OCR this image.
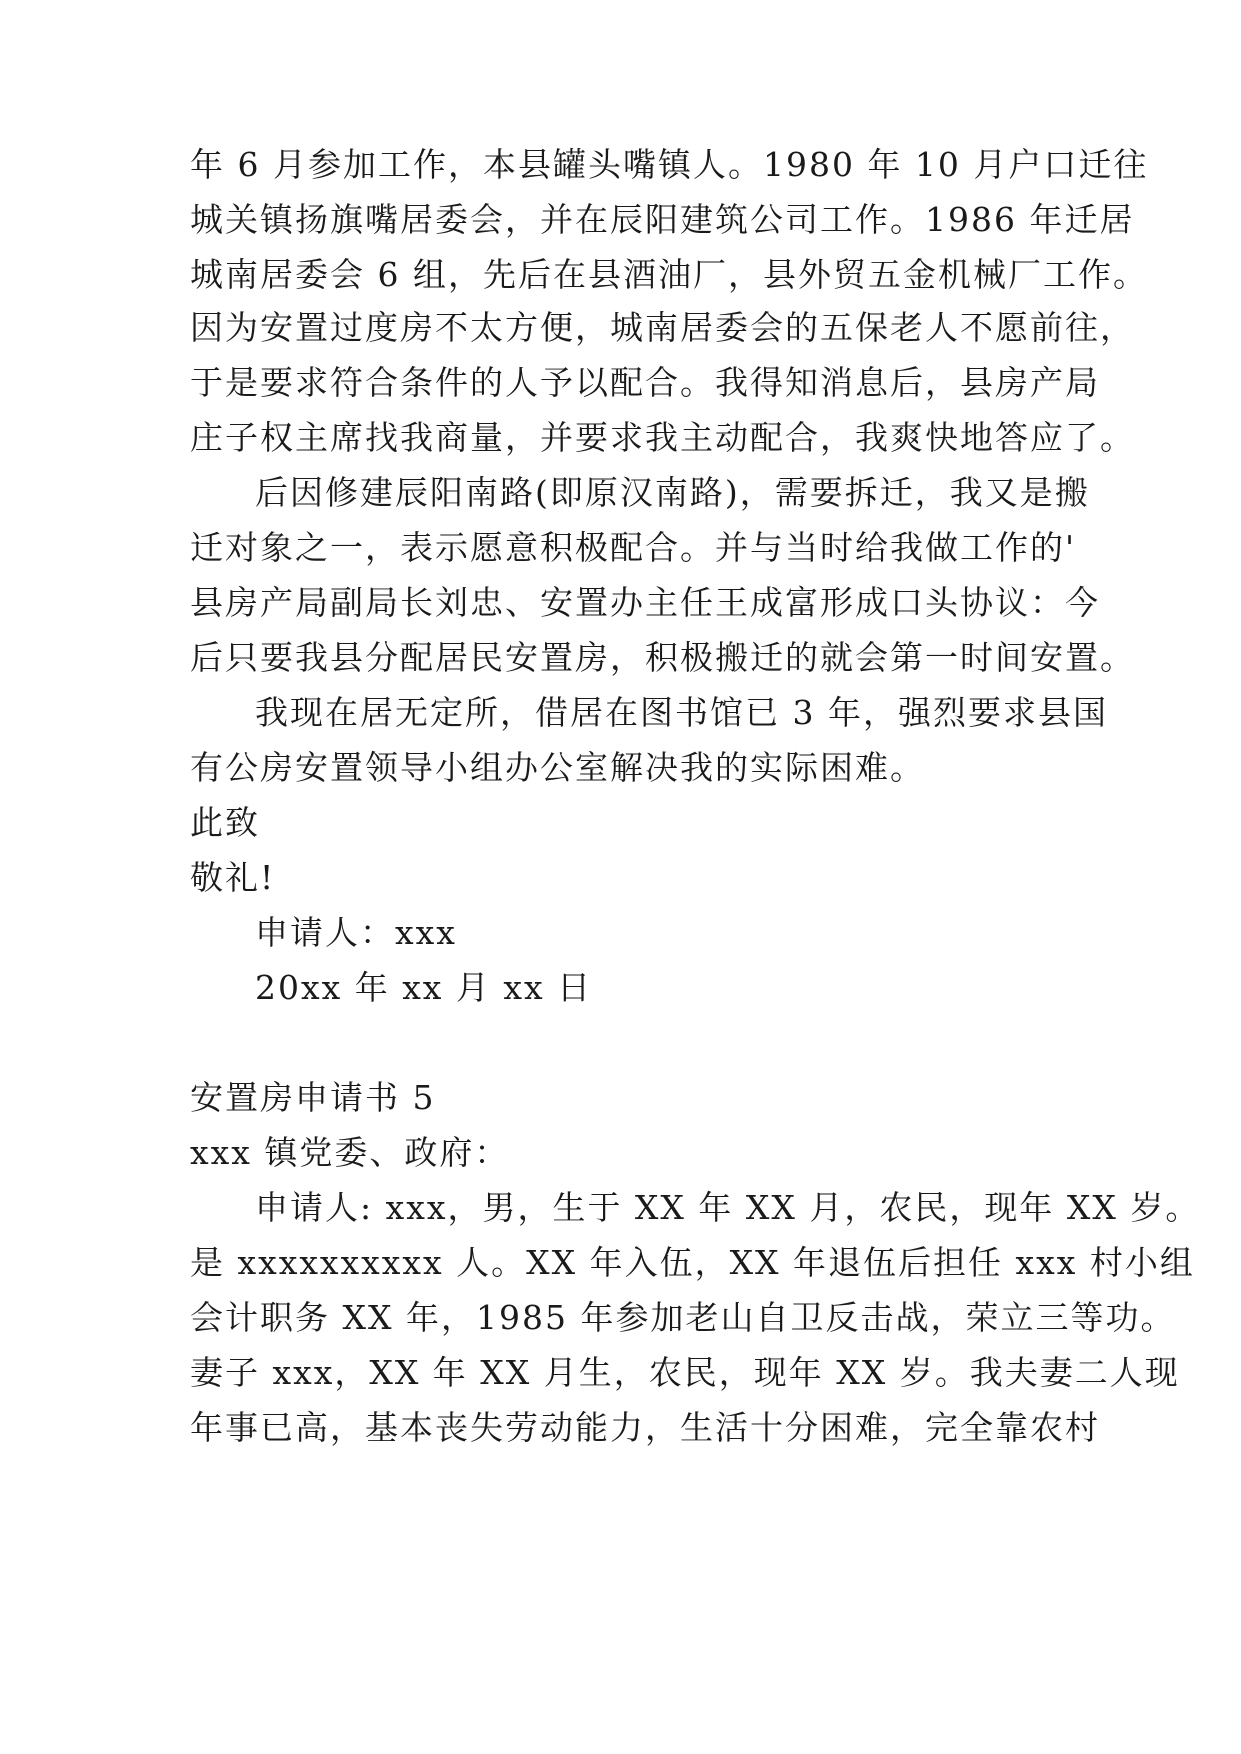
年 6 月参加工作，本县罐头嘴镇人。1980 年 10 月户口迁往
城关镇扬旗嘴居委会，并在辰阳建筑公司工作。1986 年迁居
城南居委会 6 组，先后在县酒油厂，县外贸五金机械厂工作。
因为安置过度房不太方便，城南居委会的五保老人不愿前往，
于是要求符合条件的人予以配合。我得知消息后，县房产局
庄子权主席找我商量，并要求我主动配合，我爽快地答应了。
后因修建辰阳南路(即原汉南路)，需要拆迁，我又是搬
迁对象之一，表示愿意积极配合。并与当时给我做工作的'
县房产局副局长刘忠、安置办主任王成富形成口头协议：今
后只要我县分配居民安置房，积极搬迁的就会第一时间安置。
我现在居无定所，借居在图书馆已 3 年，强烈要求县国
有公房安置领导小组办公室解决我的实际困难。
此致
敬礼!
申请人：xxx
20xx 年 xx 月 xx 日
安置房申请书 5
xxx 镇党委、政府：
申请人: xxx，男，生于 XX 年 XX 月，农民，现年 XX 岁。
是 xxxxxxxxxx 人。XX 年入伍，XX 年退伍后担任 xxx 村小组
会计职务 XX 年，1985 年参加老山自卫反击战，荣立三等功。
妻子 xxx，XX 年 XX 月生，农民，现年 XX 岁。我夫妻二人现
年事已高，基本丧失劳动能力，生活十分困难，完全靠农村
